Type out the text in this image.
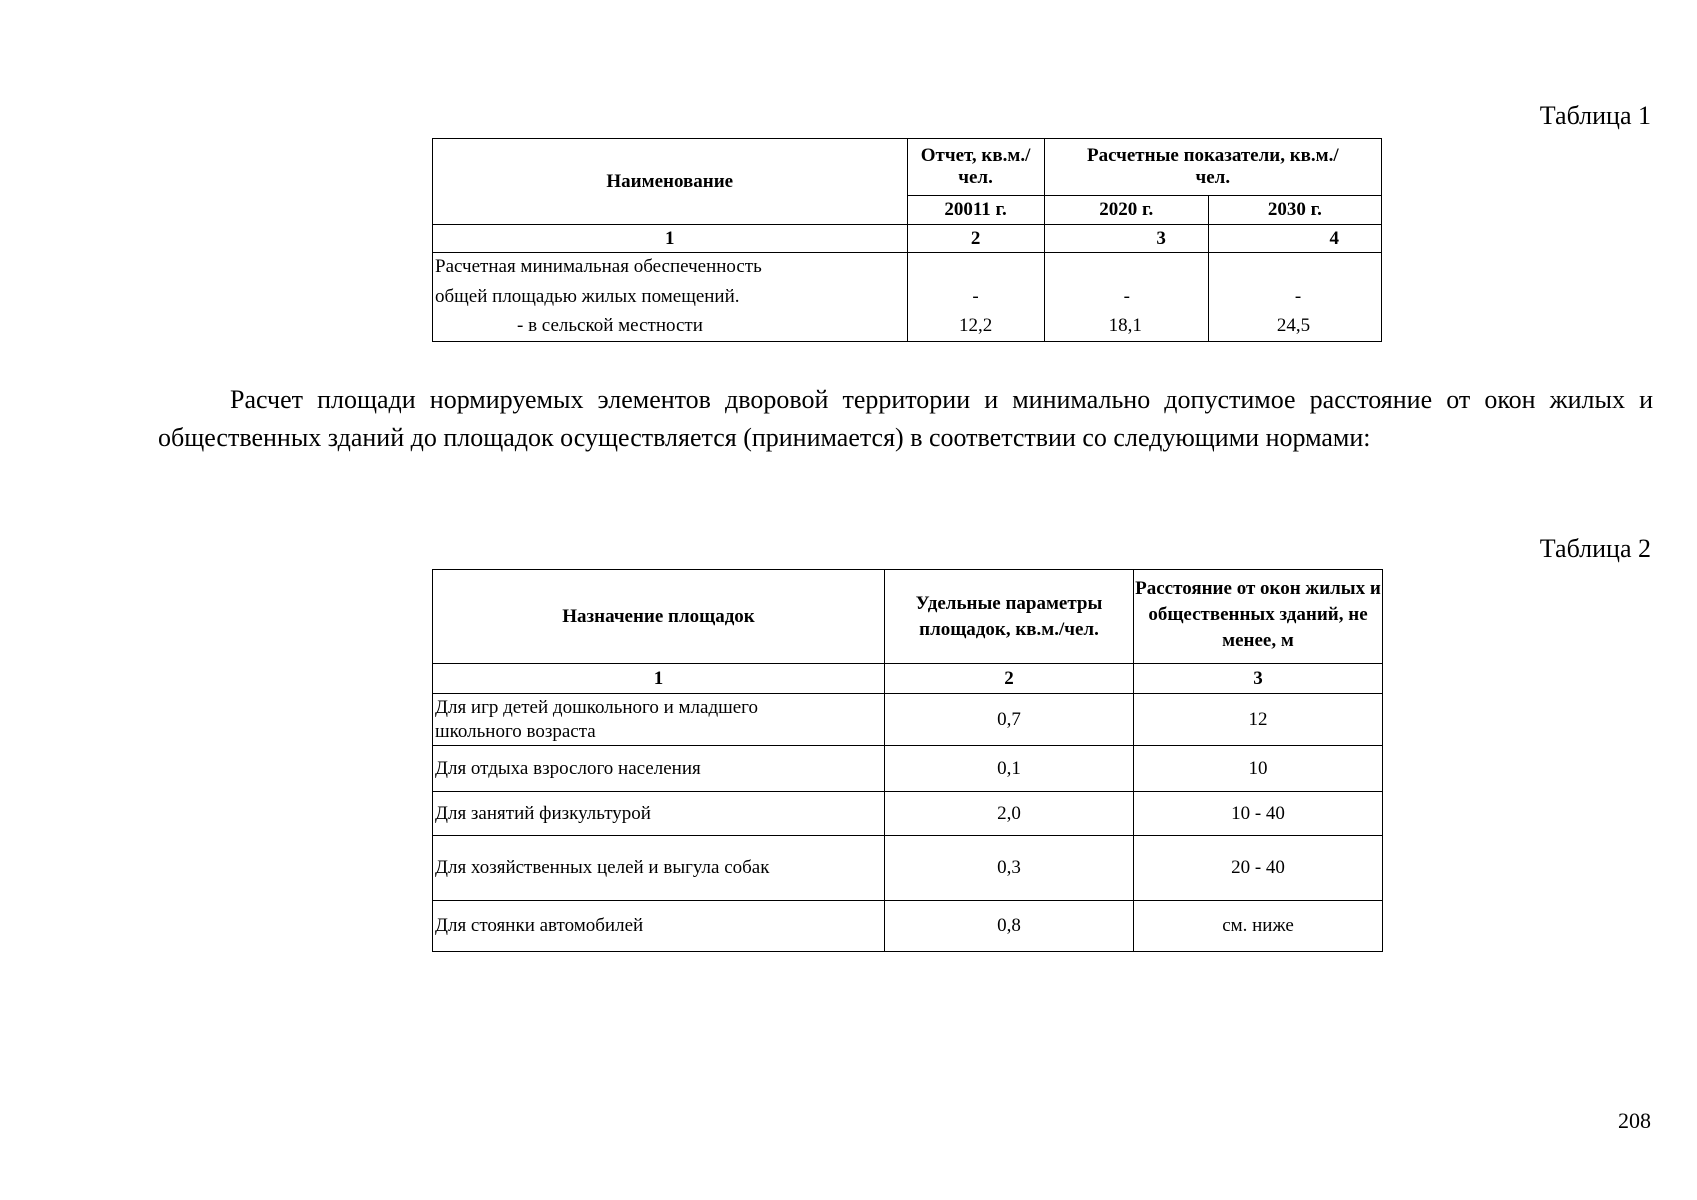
Таблица 1
Наименование	Отчет, кв.м./чел.	Расчетные показатели, кв.м./чел.	
	20011 г.	2020 г.	2030 г.
1	2	3	4
Расчетная минимальная обеспеченность			
общей площадью жилых помещений.	-	-	-
- в сельской местности	12,2	18,1	24,5
Расчет площади нормируемых элементов дворовой территории и минимально допустимое расстояние от окон жилых и общественных зданий до площадок осуществляется (принимается) в соответствии со следующими нормами:
Таблица 2
Назначение площадок	Удельные параметры площадок, кв.м./чел.	Расстояние от окон жилых и общественных зданий, не менее, м
1	2	3
Для игр детей дошкольного и младшего школьного возраста	0,7	12
Для отдыха взрослого населения	0,1	10
Для занятий физкультурой	2,0	10 - 40
Для хозяйственных целей и выгула собак	0,3	20 - 40
Для стоянки автомобилей	0,8	см. ниже
208
